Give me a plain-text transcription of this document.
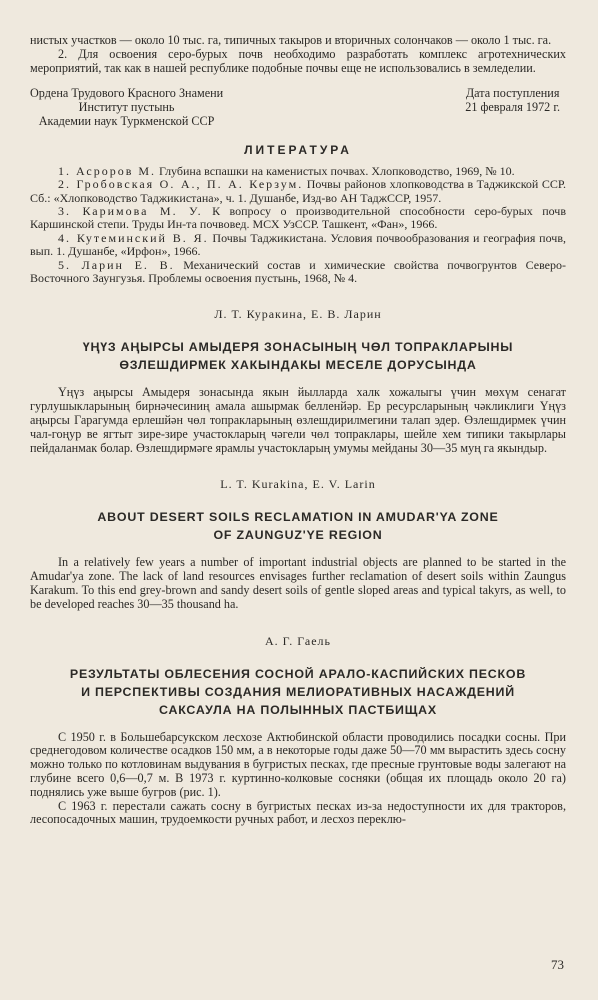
нистых участков — около 10 тыс. га, типичных такыров и вторичных солончаков — около 1 тыс. га.

2. Для освоения серо-бурых почв необходимо разработать комплекс агротехнических мероприятий, так как в нашей республике подобные почвы еще не использовались в земледелии.

Ордена Трудового Красного Знамени
Институт пустынь
Академии наук Туркменской ССР
Дата поступления
21 февраля 1972 г.
ЛИТЕРАТУРА

1. Асроров М. Глубина вспашки на каменистых почвах. Хлопководство, 1969, № 10.

2. Гробовская О. А., П. А. Керзум. Почвы районов хлопководства в Таджикской ССР. Сб.: «Хлопководство Таджикистана», ч. 1. Душанбе, Изд-во АН ТаджССР, 1957.

3. Каримова М. У. К вопросу о производительной способности серо-бурых почв Каршинской степи. Труды Ин-та почвовед. МСХ УзССР. Ташкент, «Фан», 1966.

4. Кутеминский В. Я. Почвы Таджикистана. Условия почвообразования и география почв, вып. 1. Душанбе, «Ирфон», 1966.

5. Ларин Е. В. Механический состав и химические свойства почвогрунтов Северо-Восточного Заунгузья. Проблемы освоения пустынь, 1968, № 4.

Л. Т. Куракина, Е. В. Ларин
ҮҢҮЗ АҢЫРСЫ АМЫДЕРЯ ЗОНАСЫНЫҢ ЧӨЛ ТОПРАКЛАРЫНЫ
ӨЗЛЕШДИРМЕК ХАКЫНДАКЫ МЕСЕЛЕ ДОРУСЫНДА

Үңүз аңырсы Амыдеря зонасында якын йылларда халк хожалыгы үчин мөхүм сенагат гурлушыкларының бирнәчесиниң амала ашырмак белленйәр. Ер ресурсларының чәкликлиги Үңүз аңырсы Гарагумда ерлешйән чөл топракларының өзлешдирилмегини талап эдер. Өзлешдирмек үчин чал-гоңур ве ягтыт зире-зире участокларың чәгели чөл топраклары, шейле хем типики такырлары пейдаланмак болар. Өзлешдирмәге ярамлы участокларың умумы мейданы 30—35 муң га якындыр.

L. T. Kurakina, E. V. Larin
ABOUT DESERT SOILS RECLAMATION IN AMUDAR'YA ZONE
OF ZAUNGUZ'YE REGION

In a relatively few years a number of important industrial objects are planned to be started in the Amudar'ya zone. The lack of land resources envisages further reclamation of desert soils within Zaungus Karakum. To this end grey-brown and sandy desert soils of gentle sloped areas and typical takyrs, as well, to be developed reaches 30—35 thousand ha.

А. Г. Гаель
РЕЗУЛЬТАТЫ ОБЛЕСЕНИЯ СОСНОЙ АРАЛО-КАСПИЙСКИХ ПЕСКОВ
И ПЕРСПЕКТИВЫ СОЗДАНИЯ МЕЛИОРАТИВНЫХ НАСАЖДЕНИЙ
САКСАУЛА НА ПОЛЫННЫХ ПАСТБИЩАХ

С 1950 г. в Большебарсукском лесхозе Актюбинской области проводились посадки сосны. При среднегодовом количестве осадков 150 мм, а в некоторые годы даже 50—70 мм вырастить здесь сосну можно только по котловинам выдувания в бугристых песках, где пресные грунтовые воды залегают на глубине всего 0,6—0,7 м. В 1973 г. куртинно-колковые сосняки (общая их площадь около 20 га) поднялись уже выше бугров (рис. 1).

С 1963 г. перестали сажать сосну в бугристых песках из-за недоступности их для тракторов, лесопосадочных машин, трудоемкости ручных работ, и лесхоз переклю-

73
